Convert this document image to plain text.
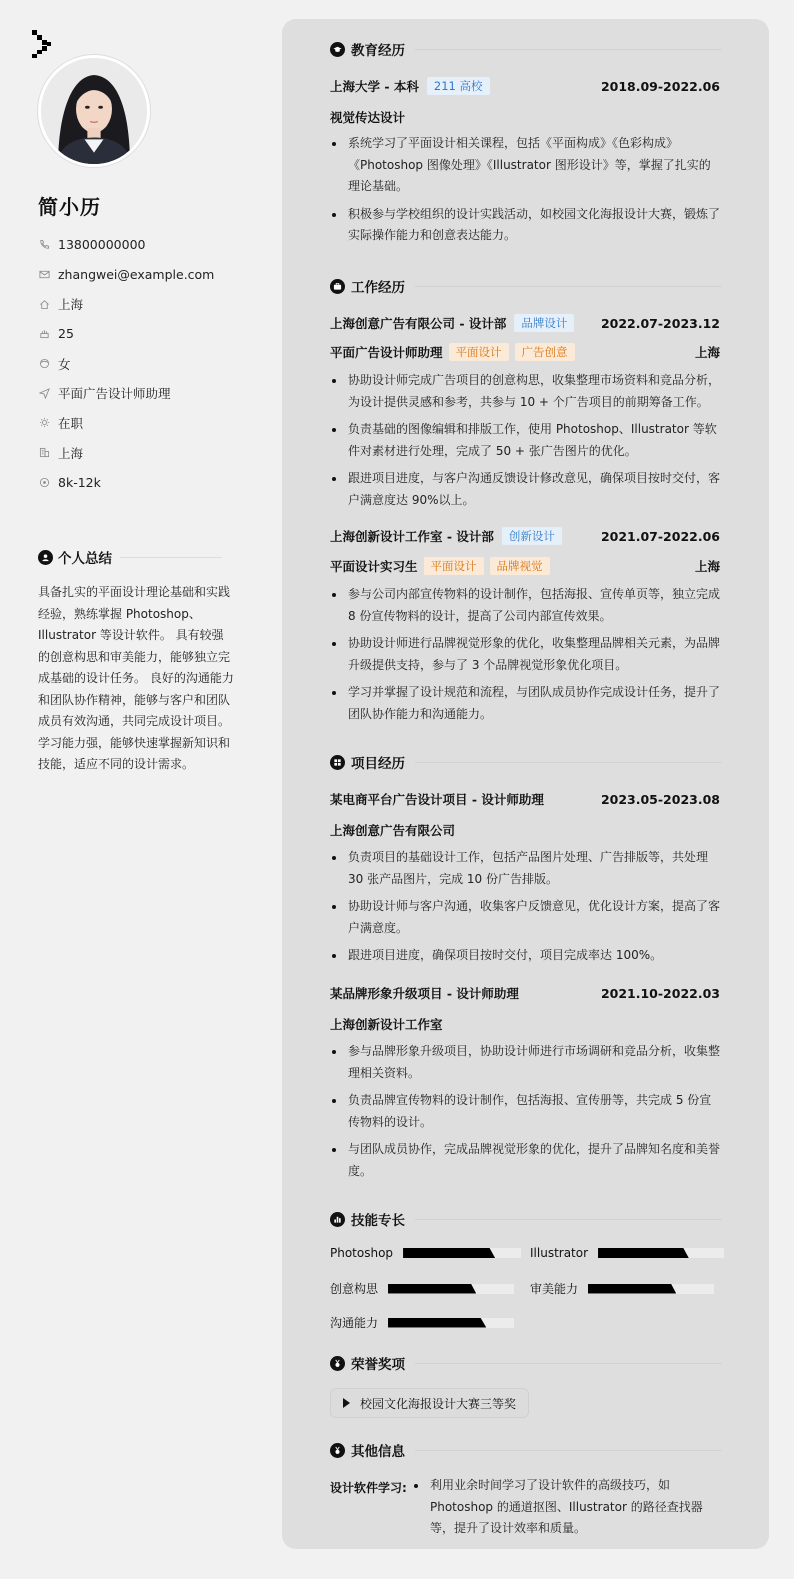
简小历
13800000000
zhangwei@example.com
上海
25
女
平面广告设计师助理
在职
上海
8k-12k
个人总结
具备扎实的平面设计理论基础和实践经验，熟练掌握 Photoshop、Illustrator 等设计软件。 具有较强的创意构思和审美能力，能够独立完成基础的设计任务。 良好的沟通能力和团队协作精神，能够与客户和团队成员有效沟通，共同完成设计项目。 学习能力强，能够快速掌握新知识和技能，适应不同的设计需求。
教育经历
上海大学 - 本科	211 高校	2018.09-2022.06
视觉传达设计
系统学习了平面设计相关课程，包括《平面构成》《色彩构成》《Photoshop 图像处理》《Illustrator 图形设计》等，掌握了扎实的理论基础。
积极参与学校组织的设计实践活动，如校园文化海报设计大赛，锻炼了实际操作能力和创意表达能力。
工作经历
上海创意广告有限公司 - 设计部	品牌设计	2022.07-2023.12
平面广告设计师助理	平面设计	广告创意	上海
协助设计师完成广告项目的创意构思，收集整理市场资料和竞品分析，为设计提供灵感和参考，共参与 10 + 个广告项目的前期筹备工作。
负责基础的图像编辑和排版工作，使用 Photoshop、Illustrator 等软件对素材进行处理，完成了 50 + 张广告图片的优化。
跟进项目进度，与客户沟通反馈设计修改意见，确保项目按时交付，客户满意度达 90%以上。
上海创新设计工作室 - 设计部	创新设计	2021.07-2022.06
平面设计实习生	平面设计	品牌视觉	上海
参与公司内部宣传物料的设计制作，包括海报、宣传单页等，独立完成 8 份宣传物料的设计，提高了公司内部宣传效果。
协助设计师进行品牌视觉形象的优化，收集整理品牌相关元素，为品牌升级提供支持，参与了 3 个品牌视觉形象优化项目。
学习并掌握了设计规范和流程，与团队成员协作完成设计任务，提升了团队协作能力和沟通能力。
项目经历
某电商平台广告设计项目 - 设计师助理	2023.05-2023.08
上海创意广告有限公司
负责项目的基础设计工作，包括产品图片处理、广告排版等，共处理 30 张产品图片，完成 10 份广告排版。
协助设计师与客户沟通，收集客户反馈意见，优化设计方案，提高了客户满意度。
跟进项目进度，确保项目按时交付，项目完成率达 100%。
某品牌形象升级项目 - 设计师助理	2021.10-2022.03
上海创新设计工作室
参与品牌形象升级项目，协助设计师进行市场调研和竞品分析，收集整理相关资料。
负责品牌宣传物料的设计制作，包括海报、宣传册等，共完成 5 份宣传物料的设计。
与团队成员协作，完成品牌视觉形象的优化，提升了品牌知名度和美誉度。
技能专长
Photoshop	Illustrator
创意构思	审美能力
沟通能力
荣誉奖项
校园文化海报设计大赛三等奖
其他信息
设计软件学习:	利用业余时间学习了设计软件的高级技巧，如 Photoshop 的通道抠图、Illustrator 的路径查找器等，提升了设计效率和质量。
